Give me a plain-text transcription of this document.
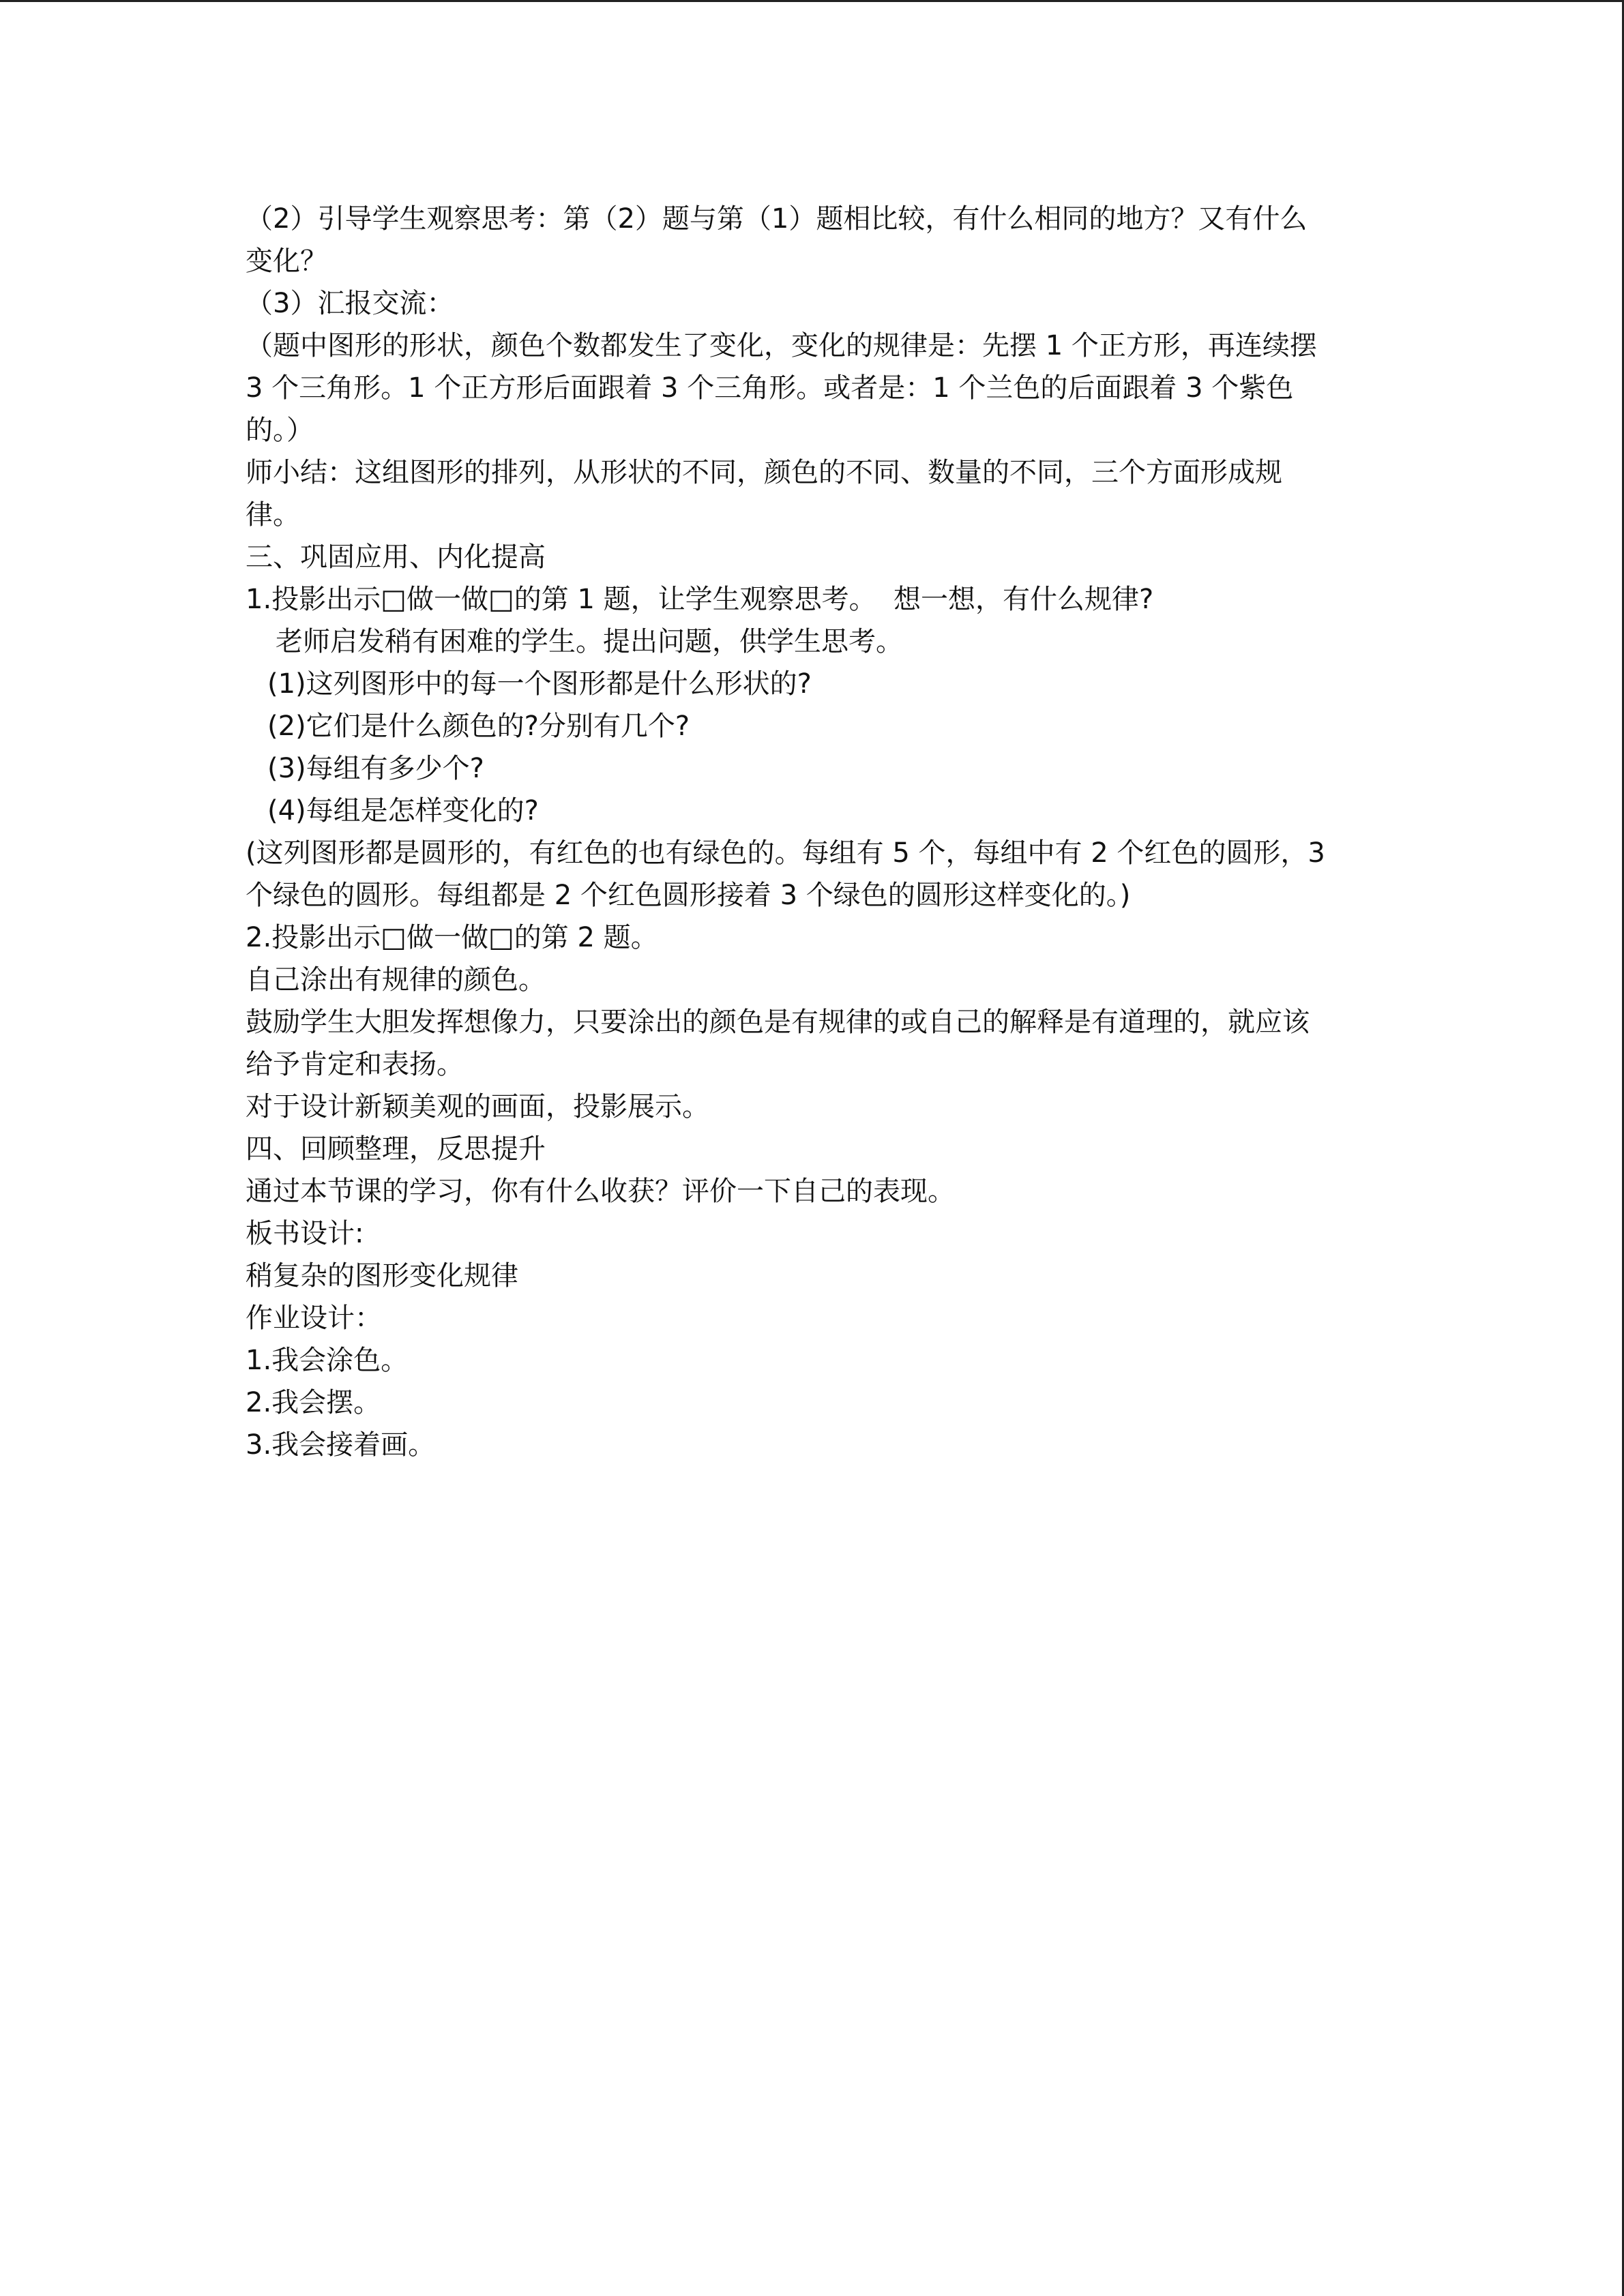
（2）引导学生观察思考：第（2）题与第（1）题相比较，有什么相同的地方？又有什么
变化？
（3）汇报交流：
（题中图形的形状，颜色个数都发生了变化，变化的规律是：先摆 1 个正方形，再连续摆
3 个三角形。1 个正方形后面跟着 3 个三角形。或者是：1 个兰色的后面跟着 3 个紫色
的。）
师小结：这组图形的排列，从形状的不同，颜色的不同、数量的不同，三个方面形成规
律。
三、巩固应用、内化提高
1.投影出示□做一做□的第 1 题，让学生观察思考。  想一想，有什么规律?
老师启发稍有困难的学生。提出问题，供学生思考。
(1)这列图形中的每一个图形都是什么形状的?
(2)它们是什么颜色的?分别有几个?
(3)每组有多少个?
(4)每组是怎样变化的?
(这列图形都是圆形的，有红色的也有绿色的。每组有 5 个，每组中有 2 个红色的圆形，3
个绿色的圆形。每组都是 2 个红色圆形接着 3 个绿色的圆形这样变化的。)
2.投影出示□做一做□的第 2 题。
自己涂出有规律的颜色。
鼓励学生大胆发挥想像力，只要涂出的颜色是有规律的或自己的解释是有道理的，就应该
给予肯定和表扬。
对于设计新颖美观的画面，投影展示。
四、回顾整理，反思提升
通过本节课的学习，你有什么收获？评价一下自己的表现。
板书设计:
稍复杂的图形变化规律
作业设计：
1.我会涂色。
2.我会摆。
3.我会接着画。
